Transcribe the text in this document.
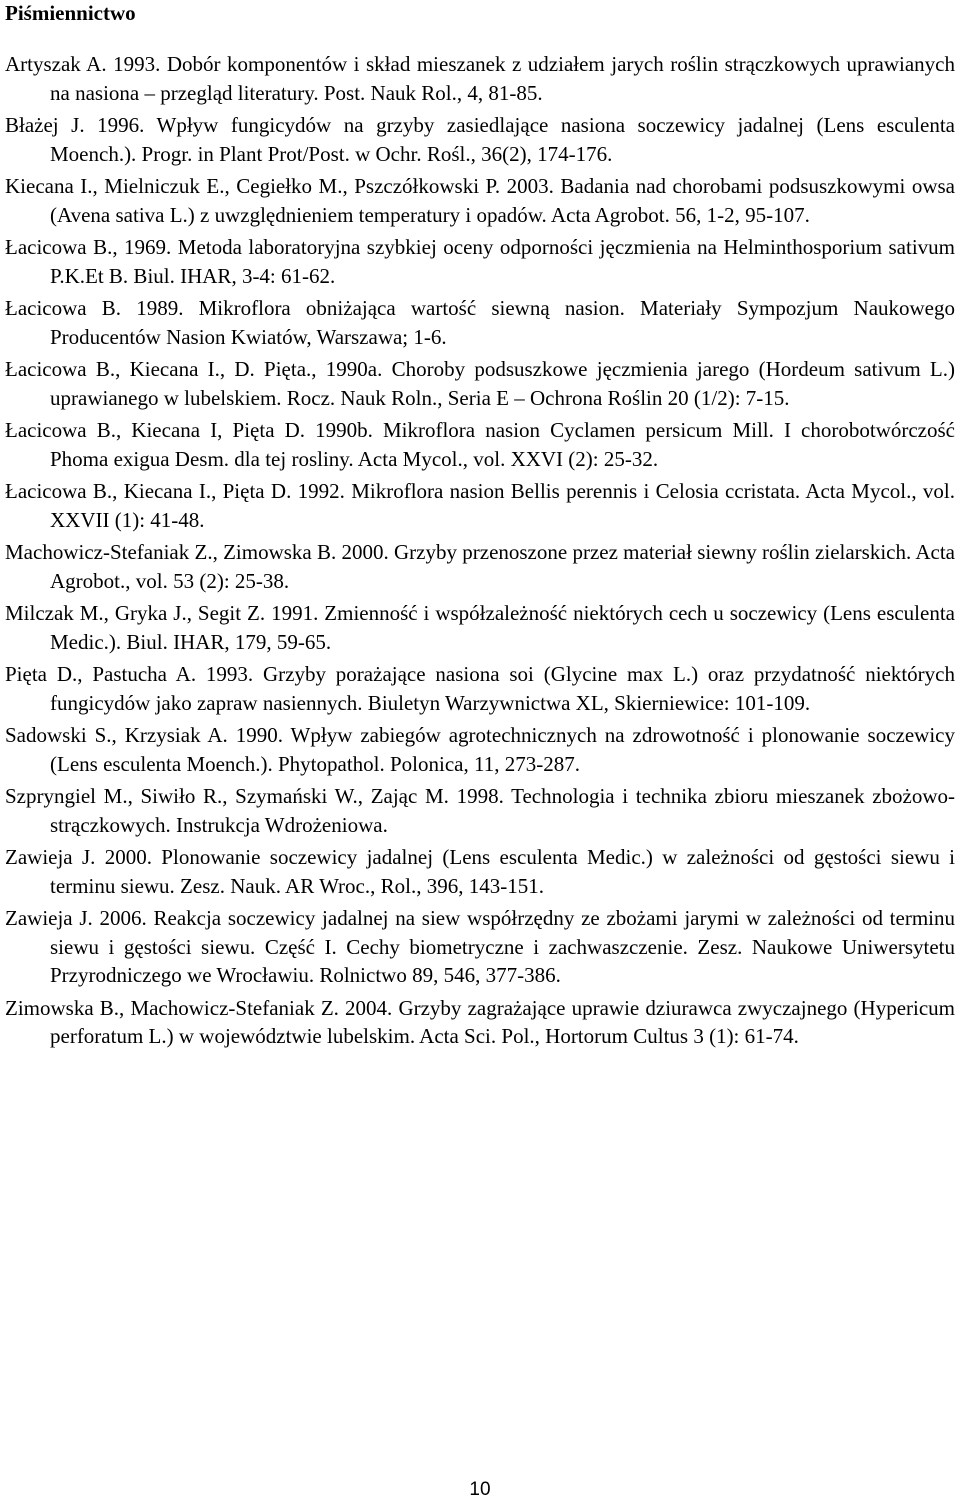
Piśmiennictwo
Artyszak A. 1993. Dobór komponentów i skład mieszanek z udziałem jarych roślin strączkowych uprawianych na nasiona – przegląd literatury. Post. Nauk Rol., 4, 81-85.
Błażej J. 1996. Wpływ fungicydów na grzyby zasiedlające nasiona soczewicy jadalnej (Lens esculenta Moench.). Progr. in Plant Prot/Post. w Ochr. Rośl., 36(2), 174-176.
Kiecana I., Mielniczuk E., Cegiełko M., Pszczółkowski P. 2003. Badania nad chorobami podsuszkowymi owsa (Avena sativa L.) z uwzględnieniem temperatury i opadów. Acta Agrobot. 56, 1-2, 95-107.
Łacicowa B., 1969. Metoda laboratoryjna szybkiej oceny odporności jęczmienia na Helminthosporium sativum P.K.Et B. Biul. IHAR, 3-4: 61-62.
Łacicowa B. 1989. Mikroflora obniżająca wartość siewną nasion. Materiały Sympozjum Naukowego Producentów Nasion Kwiatów, Warszawa; 1-6.
Łacicowa B., Kiecana I., D. Pięta., 1990a. Choroby podsuszkowe jęczmienia jarego (Hordeum sativum L.) uprawianego w lubelskiem. Rocz. Nauk Roln., Seria E – Ochrona Roślin 20 (1/2): 7-15.
Łacicowa B., Kiecana I, Pięta D. 1990b. Mikroflora nasion Cyclamen persicum Mill. I chorobotwórczość Phoma exigua Desm. dla tej rosliny. Acta Mycol., vol. XXVI (2): 25-32.
Łacicowa B., Kiecana I., Pięta D. 1992. Mikroflora nasion Bellis perennis i Celosia ccristata. Acta Mycol., vol. XXVII (1): 41-48.
Machowicz-Stefaniak Z., Zimowska B. 2000. Grzyby przenoszone przez materiał siewny roślin zielarskich. Acta Agrobot., vol. 53 (2): 25-38.
Milczak M., Gryka J., Segit Z. 1991. Zmienność i współzależność niektórych cech u soczewicy (Lens esculenta Medic.). Biul. IHAR, 179, 59-65.
Pięta D., Pastucha A. 1993. Grzyby porażające nasiona soi (Glycine max L.) oraz przydatność niektórych fungicydów jako zapraw nasiennych. Biuletyn Warzywnictwa XL, Skierniewice: 101-109.
Sadowski S., Krzysiak A. 1990. Wpływ zabiegów agrotechnicznych na zdrowotność i plonowanie soczewicy (Lens esculenta Moench.). Phytopathol. Polonica, 11, 273-287.
Szpryngiel M., Siwiło R., Szymański W., Zając M. 1998. Technologia i technika zbioru mieszanek zbożowo-strączkowych. Instrukcja Wdrożeniowa.
Zawieja J. 2000. Plonowanie soczewicy jadalnej (Lens esculenta Medic.) w zależności od gęstości siewu i terminu siewu. Zesz. Nauk. AR Wroc., Rol., 396, 143-151.
Zawieja J. 2006. Reakcja soczewicy jadalnej na siew współrzędny ze zbożami jarymi w zależności od terminu siewu i gęstości siewu. Część I. Cechy biometryczne i zachwaszczenie. Zesz. Naukowe Uniwersytetu Przyrodniczego we Wrocławiu. Rolnictwo 89, 546, 377-386.
Zimowska B., Machowicz-Stefaniak Z. 2004. Grzyby zagrażające uprawie dziurawca zwyczajnego (Hypericum perforatum L.) w województwie lubelskim. Acta Sci. Pol., Hortorum Cultus 3 (1): 61-74.
10
